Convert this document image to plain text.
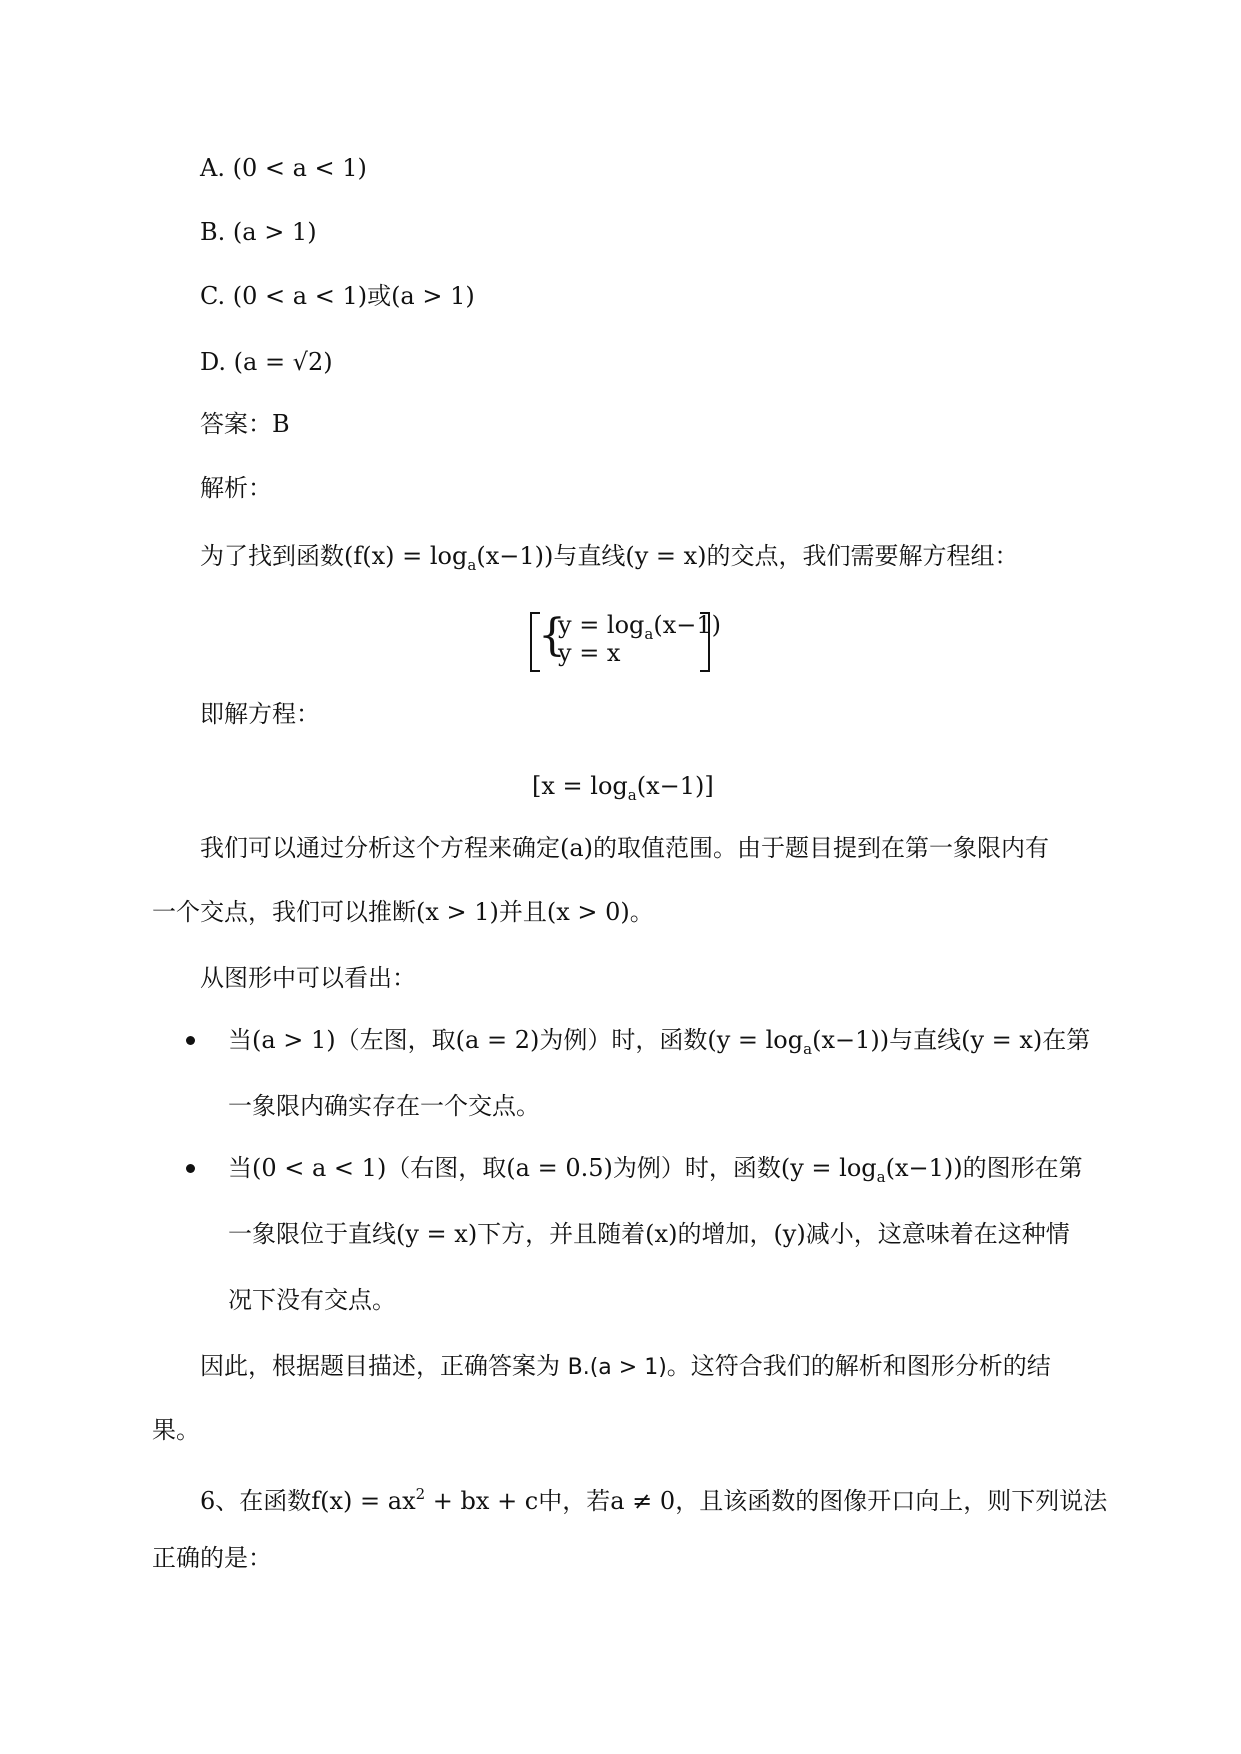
A. (0 < a < 1)
B. (a > 1)
C. (0 < a < 1)或(a > 1)
D. (a = √2)
答案：B
解析：
为了找到函数$(f(x) = \log_a(x-1))$与直线(y = x)的交点，我们需要解方程组：
{
$y = \log_a(x-1)$
y = x
即解方程：
$[x = \log_a(x-1)]$
我们可以通过分析这个方程来确定(a)的取值范围。由于题目提到在第一象限内有
一个交点，我们可以推断(x > 1)并且(x > 0)。
从图形中可以看出：
当(a > 1)（左图，取(a = 2)为例）时，函数$(y = \log_a(x-1))$与直线(y = x)在第
一象限内确实存在一个交点。
当(0 < a < 1)（右图，取(a = 0.5)为例）时，函数$(y = \log_a(x-1))$的图形在第
一象限位于直线(y = x)下方，并且随着(x)的增加，(y)减小，这意味着在这种情
况下没有交点。
因此，根据题目描述，正确答案为 B.(a > 1)。这符合我们的解析和图形分析的结
果。
6、在函数$f(x) = ax^2$ + bx + c中，若a ≠ 0，且该函数的图像开口向上，则下列说法
正确的是：
